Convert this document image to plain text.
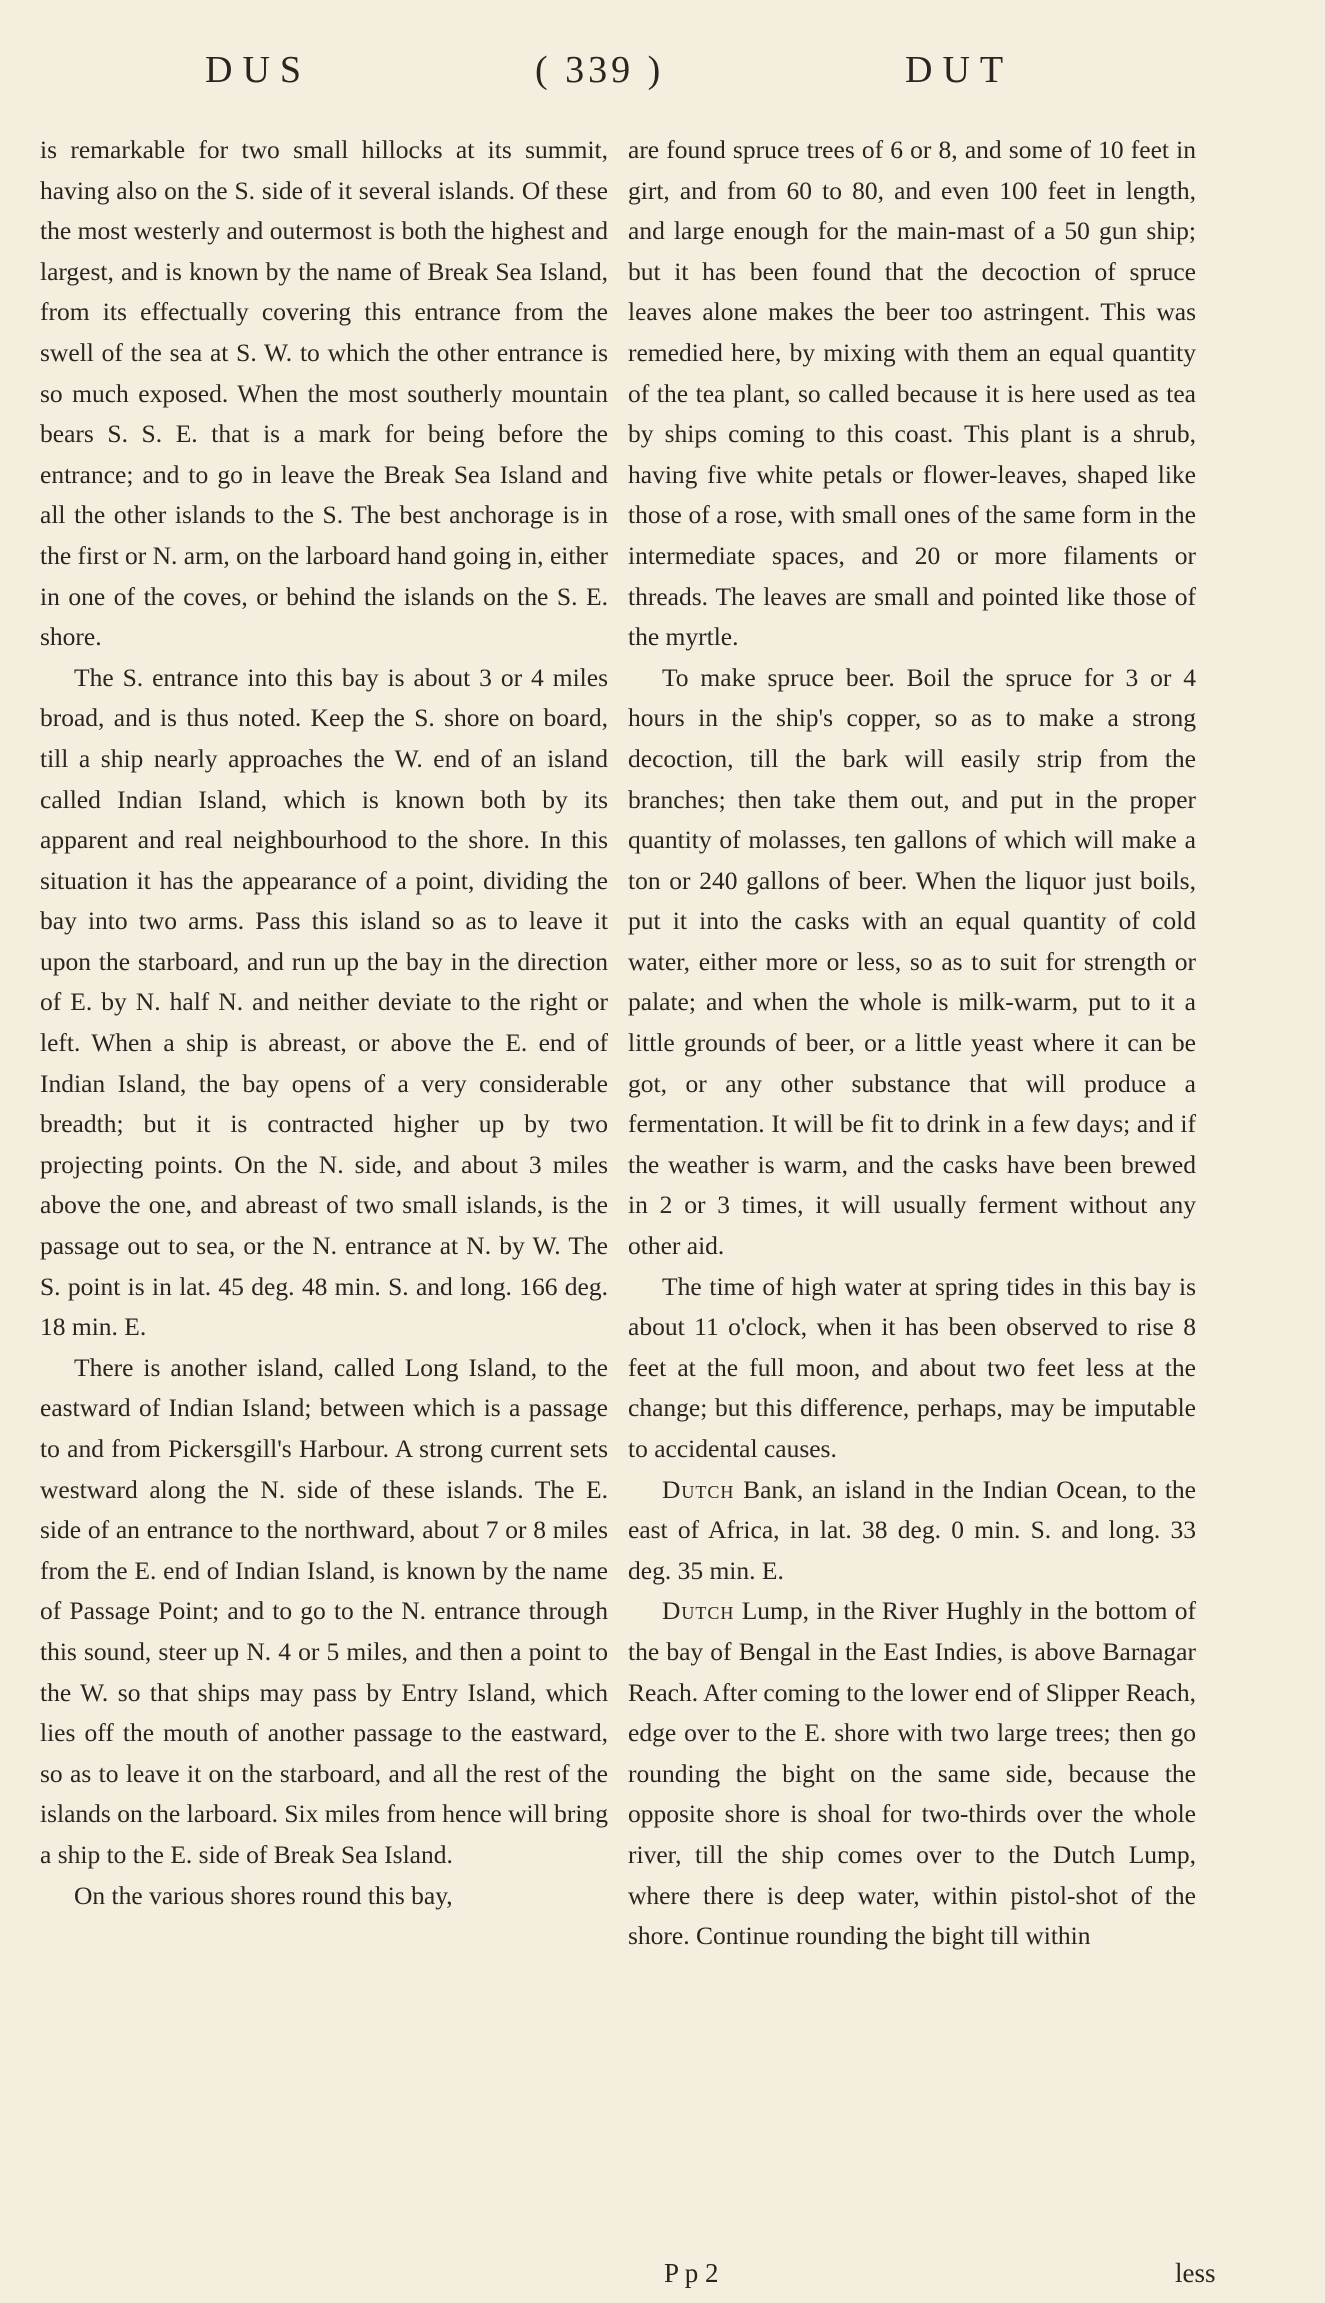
DUS	( 339 )	DUT

is remarkable for two small hillocks at its summit, having also on the S. side of it several islands. Of these the most westerly and outermost is both the highest and largest, and is known by the name of Break Sea Island, from its effectually covering this entrance from the swell of the sea at S. W. to which the other entrance is so much exposed. When the most southerly mountain bears S. S. E. that is a mark for being before the entrance; and to go in leave the Break Sea Island and all the other islands to the S. The best anchorage is in the first or N. arm, on the larboard hand going in, either in one of the coves, or behind the islands on the S. E. shore.

The S. entrance into this bay is about 3 or 4 miles broad, and is thus noted. Keep the S. shore on board, till a ship nearly approaches the W. end of an island called Indian Island, which is known both by its apparent and real neighbourhood to the shore. In this situation it has the appearance of a point, dividing the bay into two arms. Pass this island so as to leave it upon the starboard, and run up the bay in the direction of E. by N. half N. and neither deviate to the right or left. When a ship is abreast, or above the E. end of Indian Island, the bay opens of a very considerable breadth; but it is contracted higher up by two projecting points. On the N. side, and about 3 miles above the one, and abreast of two small islands, is the passage out to sea, or the N. entrance at N. by W. The S. point is in lat. 45 deg. 48 min. S. and long. 166 deg. 18 min. E.

There is another island, called Long Island, to the eastward of Indian Island; between which is a passage to and from Pickersgill's Harbour. A strong current sets westward along the N. side of these islands. The E. side of an entrance to the northward, about 7 or 8 miles from the E. end of Indian Island, is known by the name of Passage Point; and to go to the N. entrance through this sound, steer up N. 4 or 5 miles, and then a point to the W. so that ships may pass by Entry Island, which lies off the mouth of another passage to the eastward, so as to leave it on the starboard, and all the rest of the islands on the larboard. Six miles from hence will bring a ship to the E. side of Break Sea Island.

On the various shores round this bay,

are found spruce trees of 6 or 8, and some of 10 feet in girt, and from 60 to 80, and even 100 feet in length, and large enough for the main-mast of a 50 gun ship; but it has been found that the decoction of spruce leaves alone makes the beer too astringent. This was remedied here, by mixing with them an equal quantity of the tea plant, so called because it is here used as tea by ships coming to this coast. This plant is a shrub, having five white petals or flower-leaves, shaped like those of a rose, with small ones of the same form in the intermediate spaces, and 20 or more filaments or threads. The leaves are small and pointed like those of the myrtle.

To make spruce beer. Boil the spruce for 3 or 4 hours in the ship's copper, so as to make a strong decoction, till the bark will easily strip from the branches; then take them out, and put in the proper quantity of molasses, ten gallons of which will make a ton or 240 gallons of beer. When the liquor just boils, put it into the casks with an equal quantity of cold water, either more or less, so as to suit for strength or palate; and when the whole is milk-warm, put to it a little grounds of beer, or a little yeast where it can be got, or any other substance that will produce a fermentation. It will be fit to drink in a few days; and if the weather is warm, and the casks have been brewed in 2 or 3 times, it will usually ferment without any other aid.

The time of high water at spring tides in this bay is about 11 o'clock, when it has been observed to rise 8 feet at the full moon, and about two feet less at the change; but this difference, perhaps, may be imputable to accidental causes.

Dutch Bank, an island in the Indian Ocean, to the east of Africa, in lat. 38 deg. 0 min. S. and long. 33 deg. 35 min. E.

Dutch Lump, in the River Hughly in the bottom of the bay of Bengal in the East Indies, is above Barnagar Reach. After coming to the lower end of Slipper Reach, edge over to the E. shore with two large trees; then go rounding the bight on the same side, because the opposite shore is shoal for two-thirds over the whole river, till the ship comes over to the Dutch Lump, where there is deep water, within pistol-shot of the shore. Continue rounding the bight till within

P p 2	less
